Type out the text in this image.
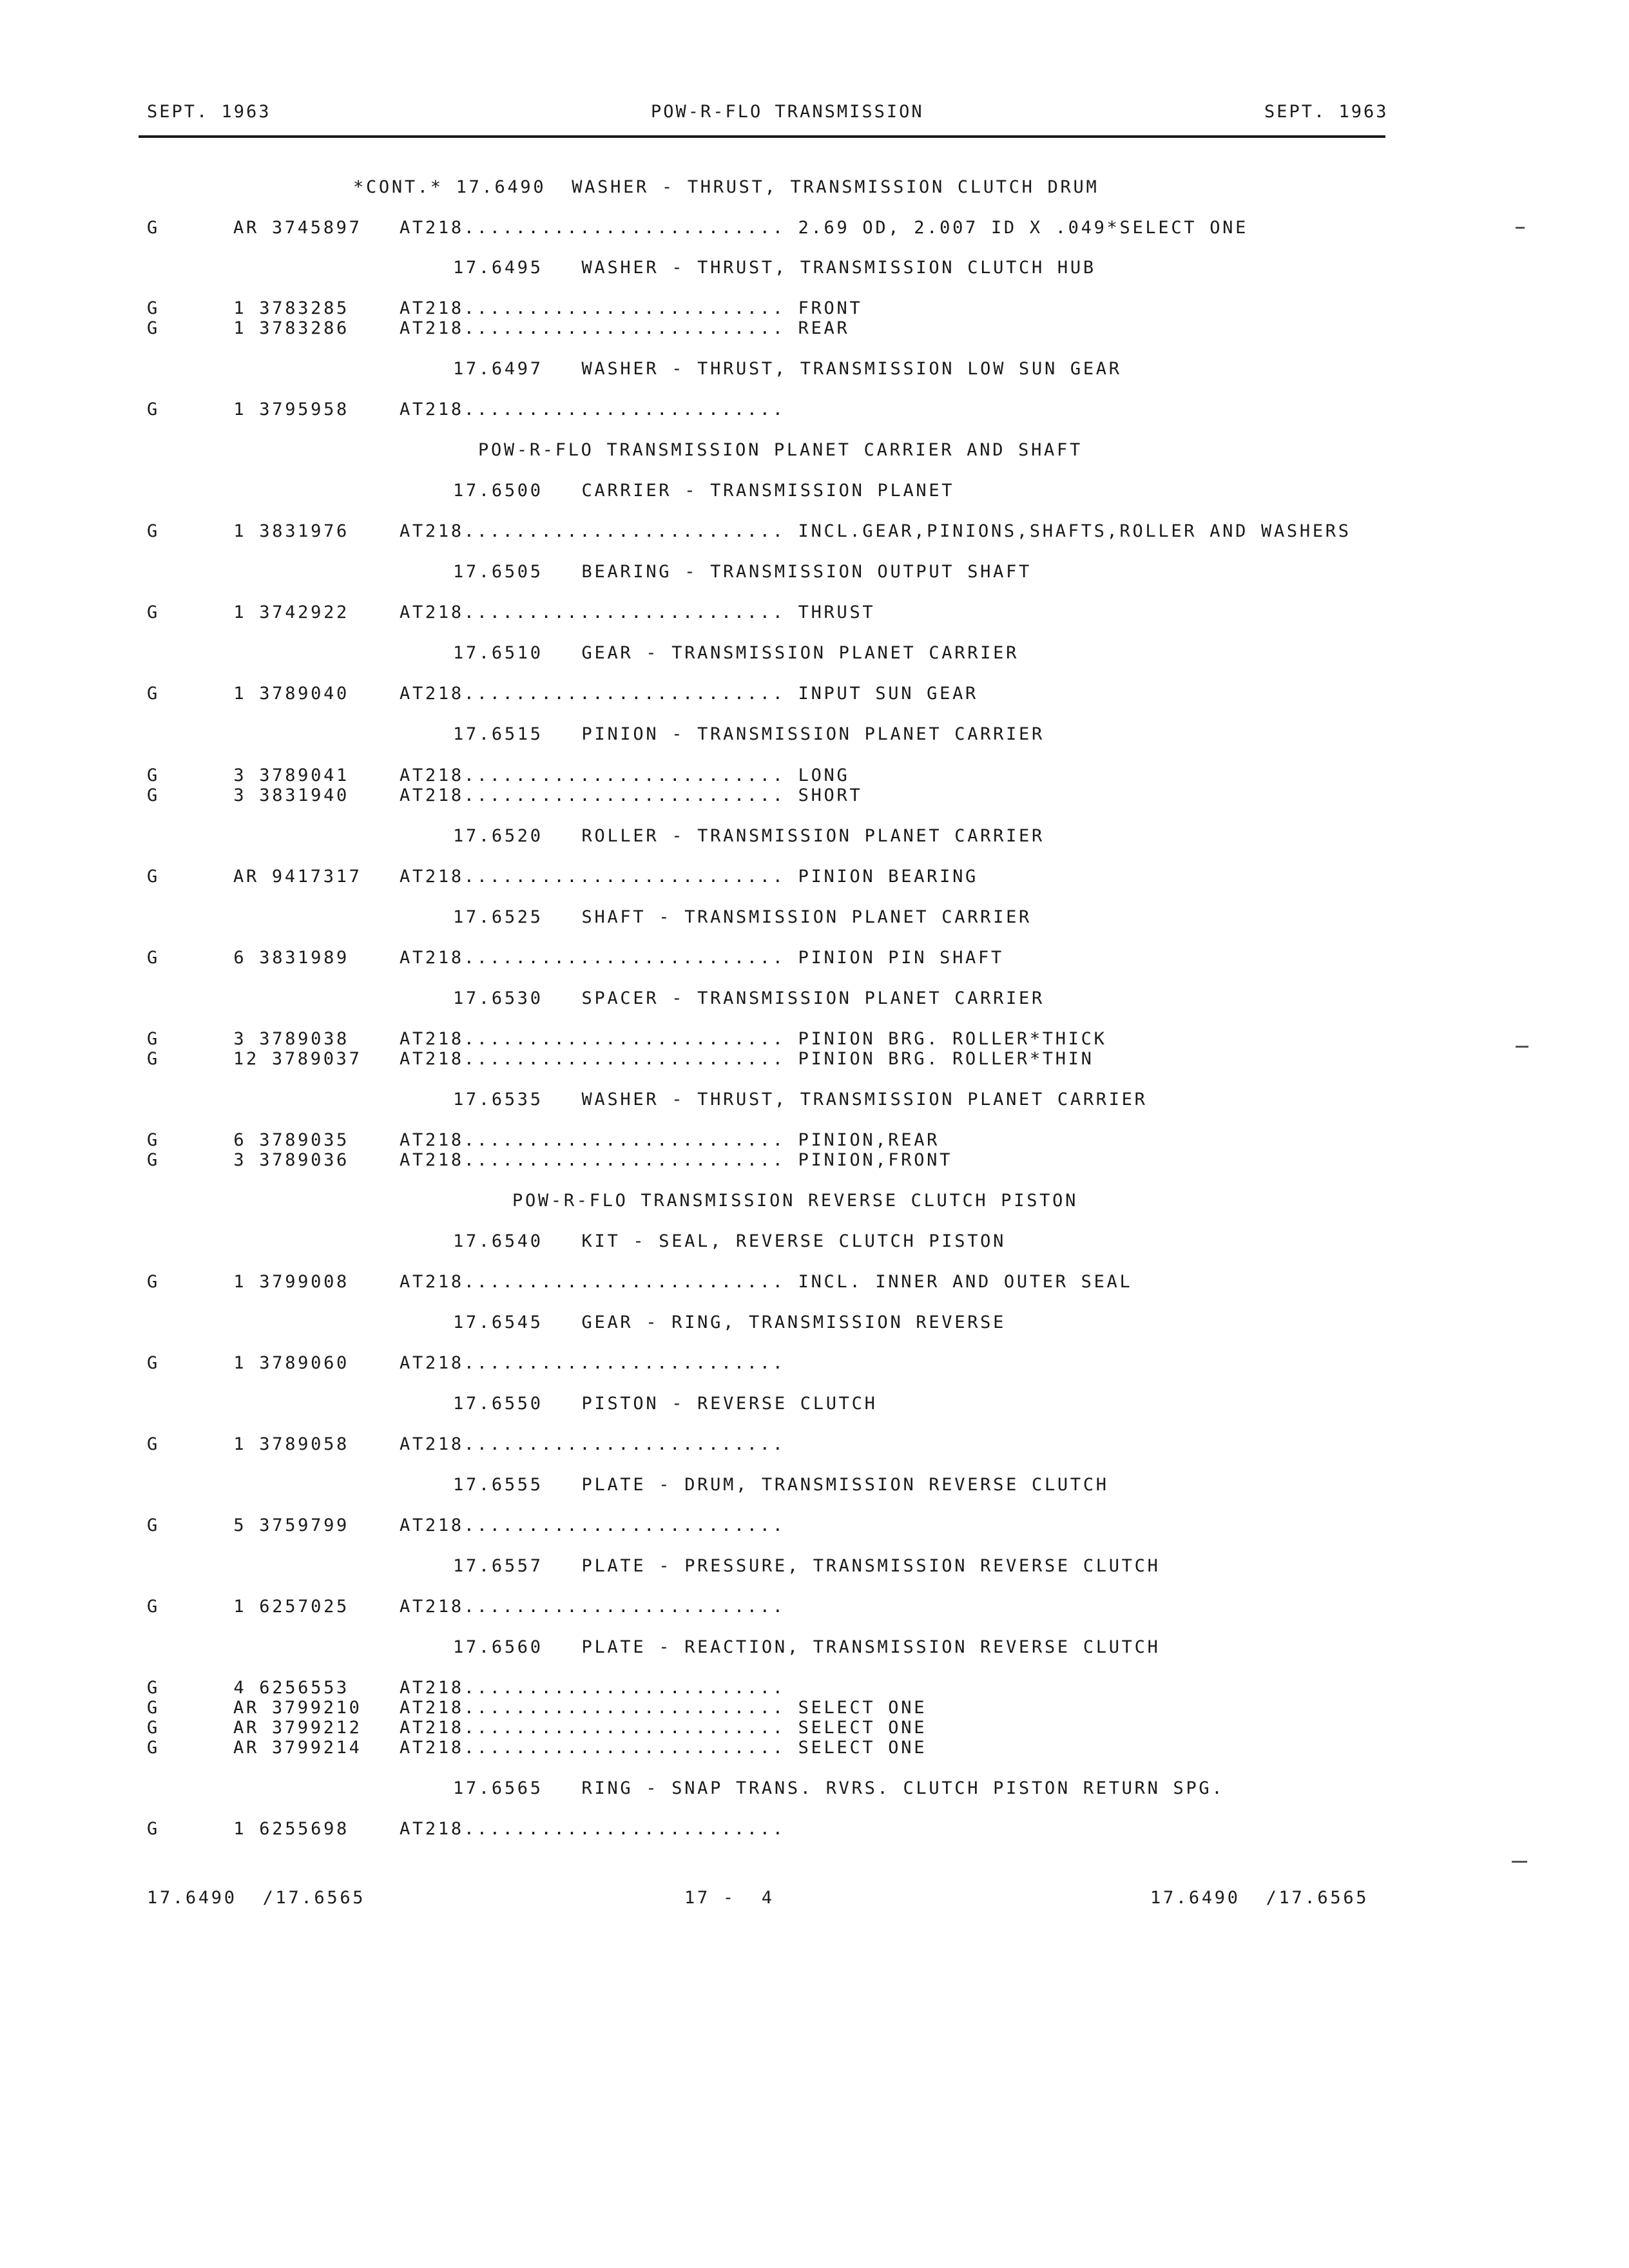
SEPT. 1963	POW-R-FLO TRANSMISSION	SEPT. 1963
*CONT.* 17.6490  WASHER - THRUST, TRANSMISSION CLUTCH DRUM
G	AR 3745897 AT218......................... 2.69 OD, 2.007 ID X .049*SELECT ONE
17.6495   WASHER - THRUST, TRANSMISSION CLUTCH HUB
G	1 3783285	AT218......................... FRONT
G	1 3783286	AT218......................... REAR
17.6497   WASHER - THRUST, TRANSMISSION LOW SUN GEAR
G	1 3795958	AT218.........................
POW-R-FLO TRANSMISSION PLANET CARRIER AND SHAFT
17.6500   CARRIER - TRANSMISSION PLANET
G	1 3831976	AT218......................... INCL.GEAR,PINIONS,SHAFTS,ROLLER AND WASHERS
17.6505   BEARING - TRANSMISSION OUTPUT SHAFT
G	1 3742922	AT218......................... THRUST
17.6510   GEAR - TRANSMISSION PLANET CARRIER
G	1 3789040	AT218......................... INPUT SUN GEAR
17.6515   PINION - TRANSMISSION PLANET CARRIER
G	3 3789041	AT218......................... LONG
G	3 3831940	AT218......................... SHORT
17.6520   ROLLER - TRANSMISSION PLANET CARRIER
G	AR 9417317 AT218......................... PINION BEARING
17.6525   SHAFT - TRANSMISSION PLANET CARRIER
G	6 3831989	AT218......................... PINION PIN SHAFT
17.6530   SPACER - TRANSMISSION PLANET CARRIER
G	3 3789038	AT218......................... PINION BRG. ROLLER*THICK
G	12 3789037 AT218......................... PINION BRG. ROLLER*THIN
17.6535   WASHER - THRUST, TRANSMISSION PLANET CARRIER
G	6 3789035	AT218......................... PINION,REAR
G	3 3789036	AT218......................... PINION,FRONT
POW-R-FLO TRANSMISSION REVERSE CLUTCH PISTON
17.6540   KIT - SEAL, REVERSE CLUTCH PISTON
G	1 3799008	AT218......................... INCL. INNER AND OUTER SEAL
17.6545   GEAR - RING, TRANSMISSION REVERSE
G	1 3789060	AT218.........................
17.6550   PISTON - REVERSE CLUTCH
G	1 3789058	AT218.........................
17.6555   PLATE - DRUM, TRANSMISSION REVERSE CLUTCH
G	5 3759799	AT218.........................
17.6557   PLATE - PRESSURE, TRANSMISSION REVERSE CLUTCH
G	1 6257025	AT218.........................
17.6560   PLATE - REACTION, TRANSMISSION REVERSE CLUTCH
G	4 6256553	AT218.........................
G	AR 3799210 AT218......................... SELECT ONE
G	AR 3799212 AT218......................... SELECT ONE
G	AR 3799214 AT218......................... SELECT ONE
17.6565   RING - SNAP TRANS. RVRS. CLUTCH PISTON RETURN SPG.
G	1 6255698	AT218.........................
17.6490  /17.6565	17 -  4	17.6490  /17.6565
